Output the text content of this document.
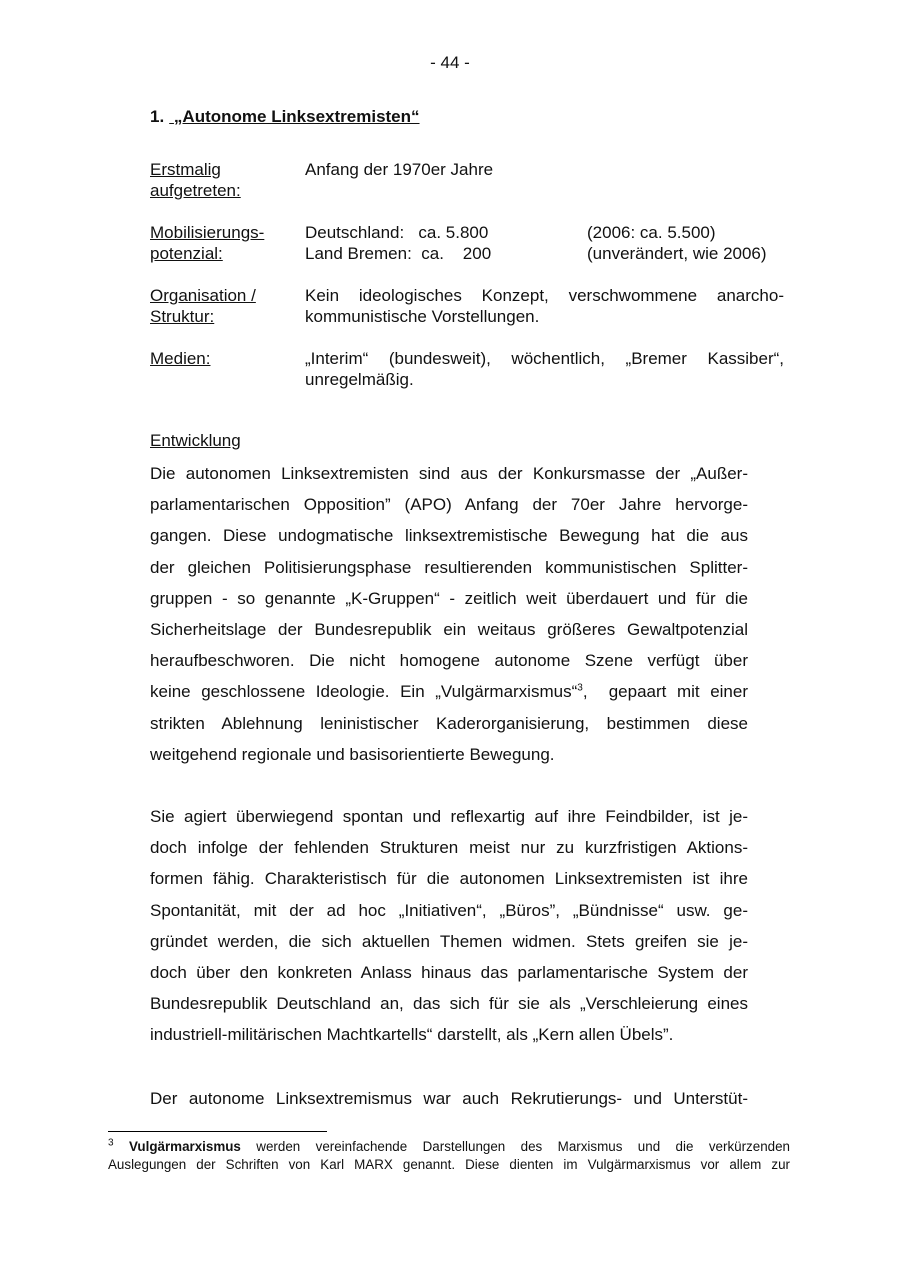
- 44 -
1. „Autonome Linksextremisten“
Erstmalig
aufgetreten:
Anfang der 1970er Jahre
Mobilisierungs-
potenzial:
Deutschland:   ca. 5.800
Land Bremen:  ca.    200
(2006: ca. 5.500)
(unverändert, wie 2006)
Organisation /
Struktur:
Kein ideologisches Konzept, verschwommene anarcho-
kommunistische Vorstellungen.
Medien:	„Interim“ (bundesweit), wöchentlich, „Bremer Kassiber“,
unregelmäßig.
Entwicklung
Die autonomen Linksextremisten sind aus der Konkursmasse der „Außer-
parlamentarischen Opposition” (APO) Anfang der 70er Jahre hervorge-
gangen. Diese undogmatische linksextremistische Bewegung hat die aus
der gleichen Politisierungsphase resultierenden kommunistischen Splitter-
gruppen - so genannte „K-Gruppen“ - zeitlich weit überdauert und für die
Sicherheitslage der Bundesrepublik ein weitaus größeres Gewaltpotenzial
heraufbeschworen. Die nicht homogene autonome Szene verfügt über
keine geschlossene Ideologie. Ein „Vulgärmarxismus“$^3$,  gepaart mit einer
strikten Ablehnung leninistischer Kaderorganisierung, bestimmen diese
weitgehend regionale und basisorientierte Bewegung.
Sie agiert überwiegend spontan und reflexartig auf ihre Feindbilder, ist je-
doch infolge der fehlenden Strukturen meist nur zu kurzfristigen Aktions-
formen fähig. Charakteristisch für die autonomen Linksextremisten ist ihre
Spontanität, mit der ad hoc „Initiativen“, „Büros”, „Bündnisse“ usw. ge-
gründet werden, die sich aktuellen Themen widmen. Stets greifen sie je-
doch über den konkreten Anlass hinaus das parlamentarische System der
Bundesrepublik Deutschland an, das sich für sie als „Verschleierung eines
industriell-militärischen Machtkartells“ darstellt, als „Kern allen Übels”.
Der autonome Linksextremismus war auch Rekrutierungs- und Unterstüt-
$^3$ Vulgärmarxismus werden vereinfachende Darstellungen des Marxismus und die verkürzenden
Auslegungen der Schriften von Karl MARX genannt. Diese dienten im Vulgärmarxismus vor allem zur
